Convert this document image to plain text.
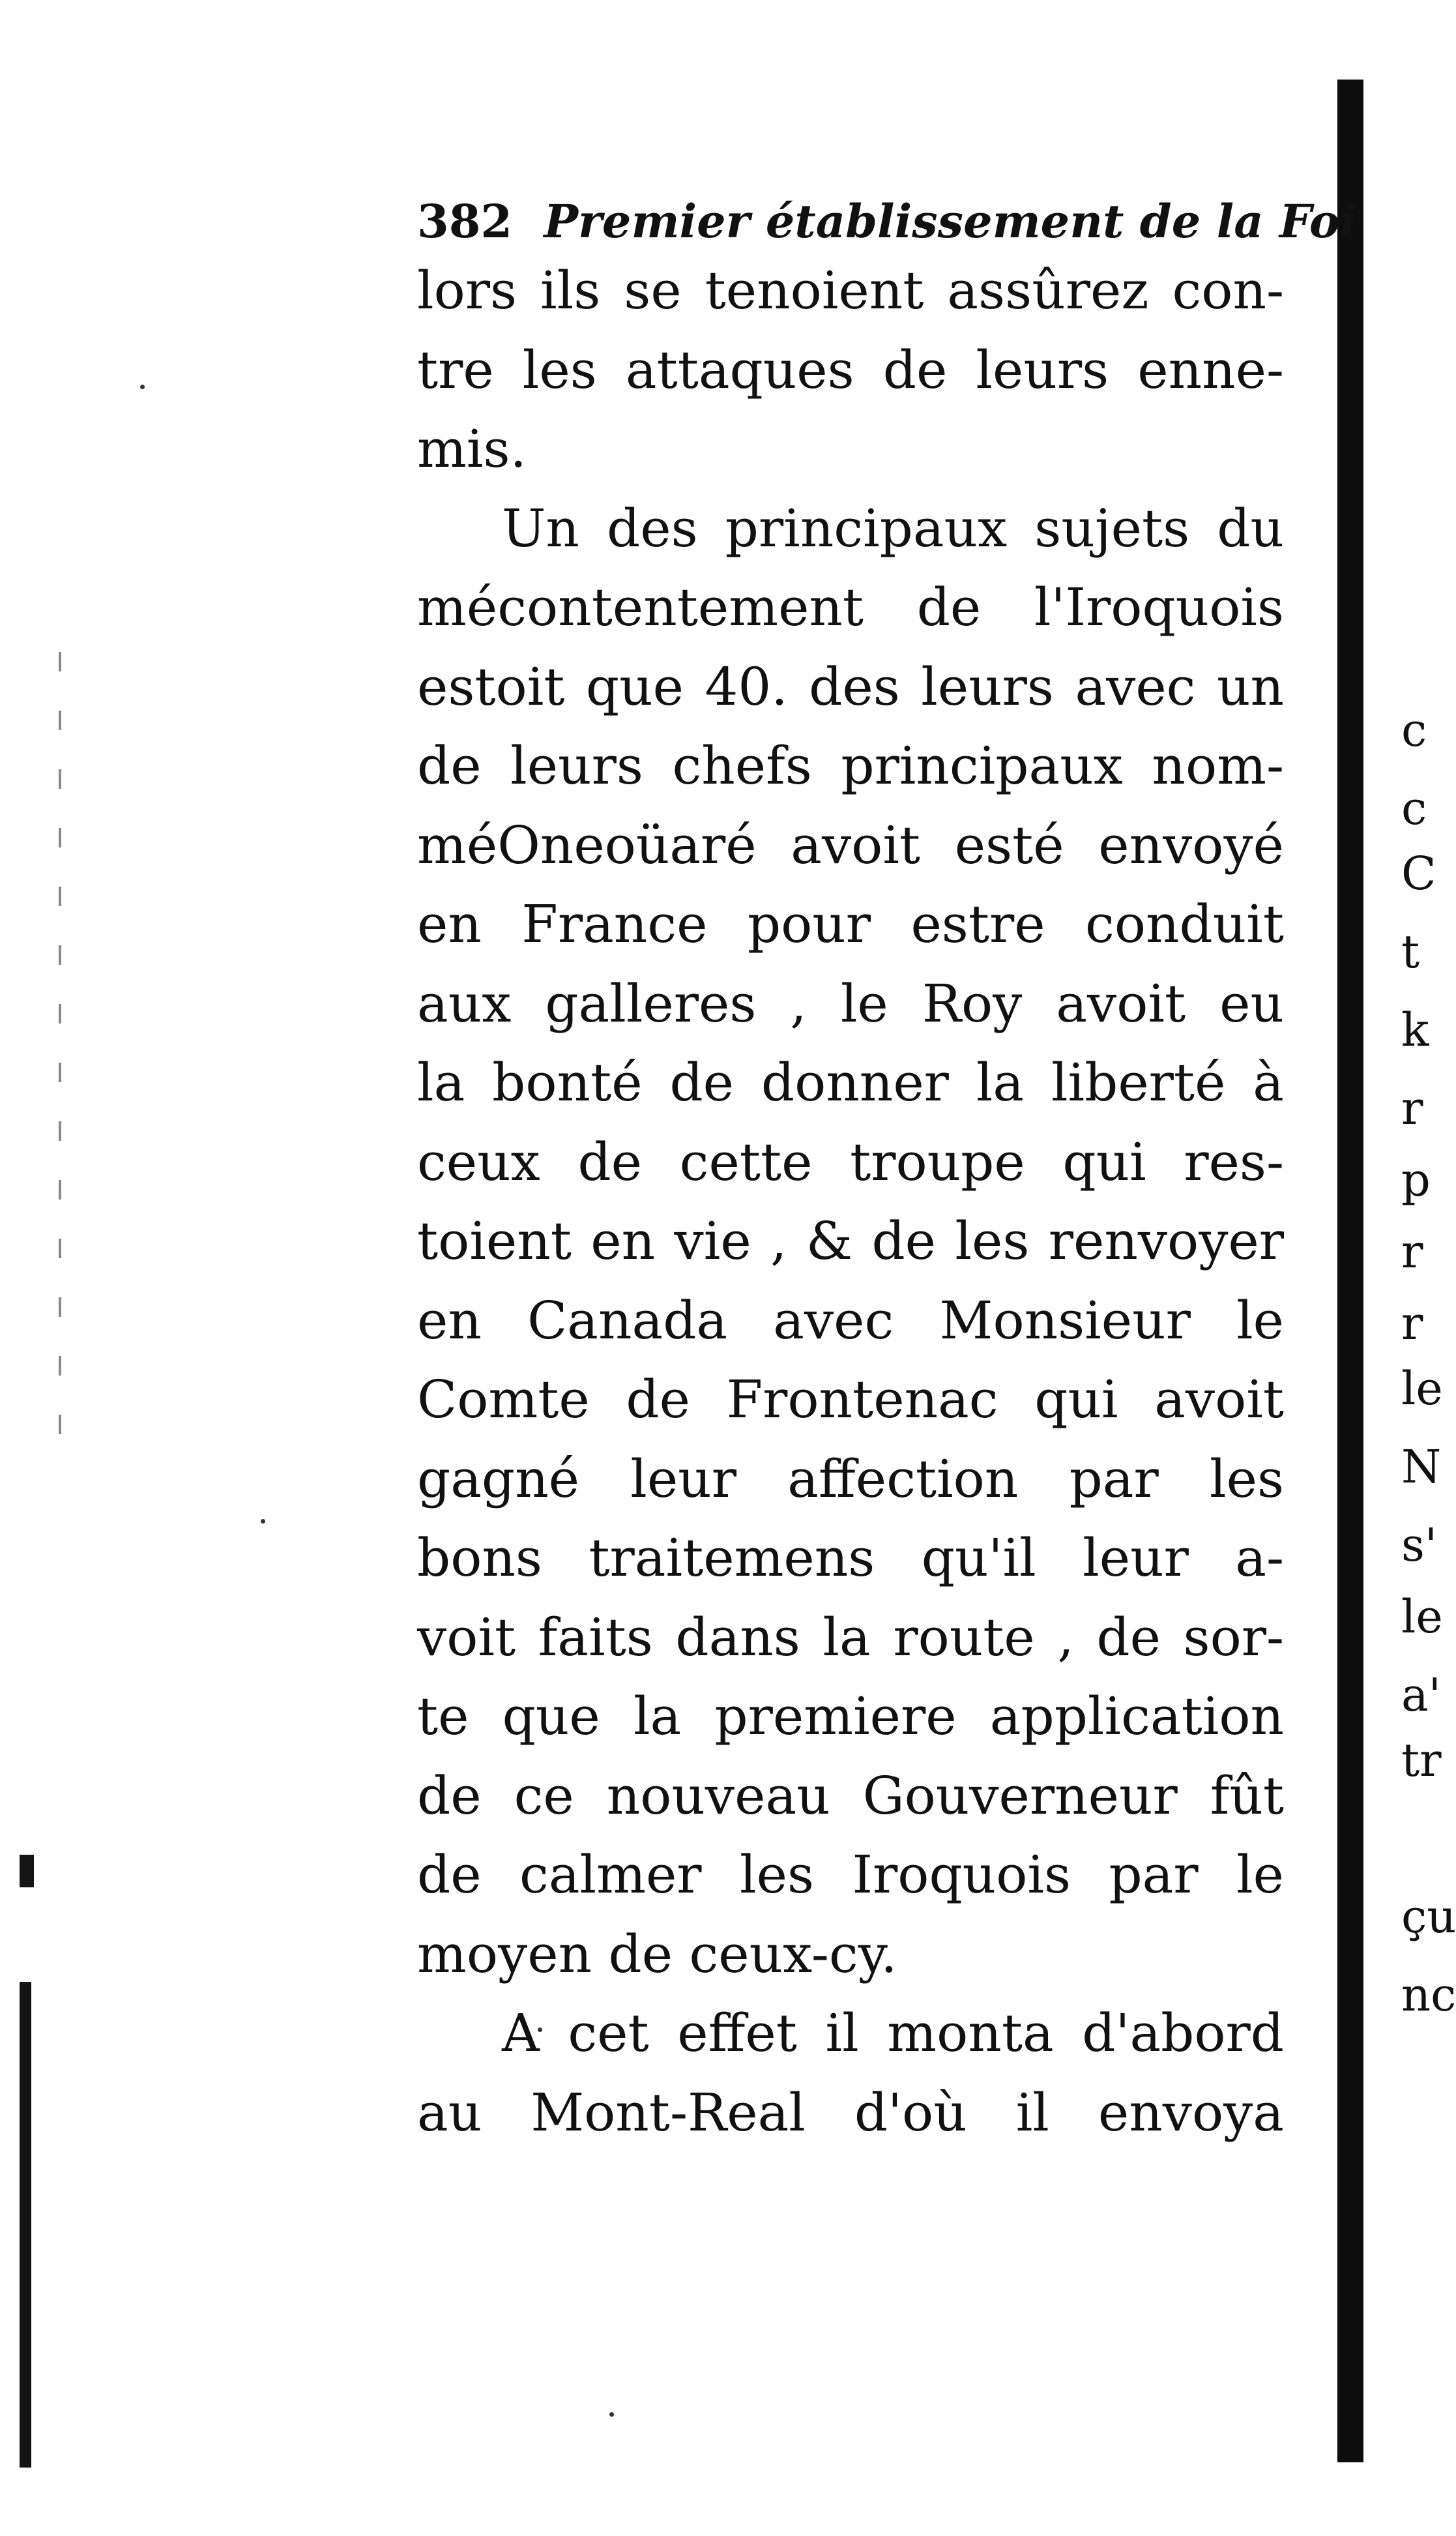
382 Premier établissement de la Foi
lors ils se tenoient assûrez con-
tre les attaques de leurs enne-
mis.
Un des principaux sujets du
mécontentement de l'Iroquois
estoit que 40. des leurs avec un
de leurs chefs principaux nom-
méOneoüaré avoit esté envoyé
en France pour estre conduit
aux galleres , le Roy avoit eu
la bonté de donner la liberté à
ceux de cette troupe qui res-
toient en vie , & de les renvoyer
en Canada avec Monsieur le
Comte de Frontenac qui avoit
gagné leur affection par les
bons traitemens qu'il leur a-
voit faits dans la route , de sor-
te que la premiere application
de ce nouveau Gouverneur fût
de calmer les Iroquois par le
moyen de ceux-cy.
A cet effet il monta d'abord
au Mont-Real d'où il envoya
c
c
C
t
k
r
p
r
r
le
N
s'
le
a'
tr
çu
nc
